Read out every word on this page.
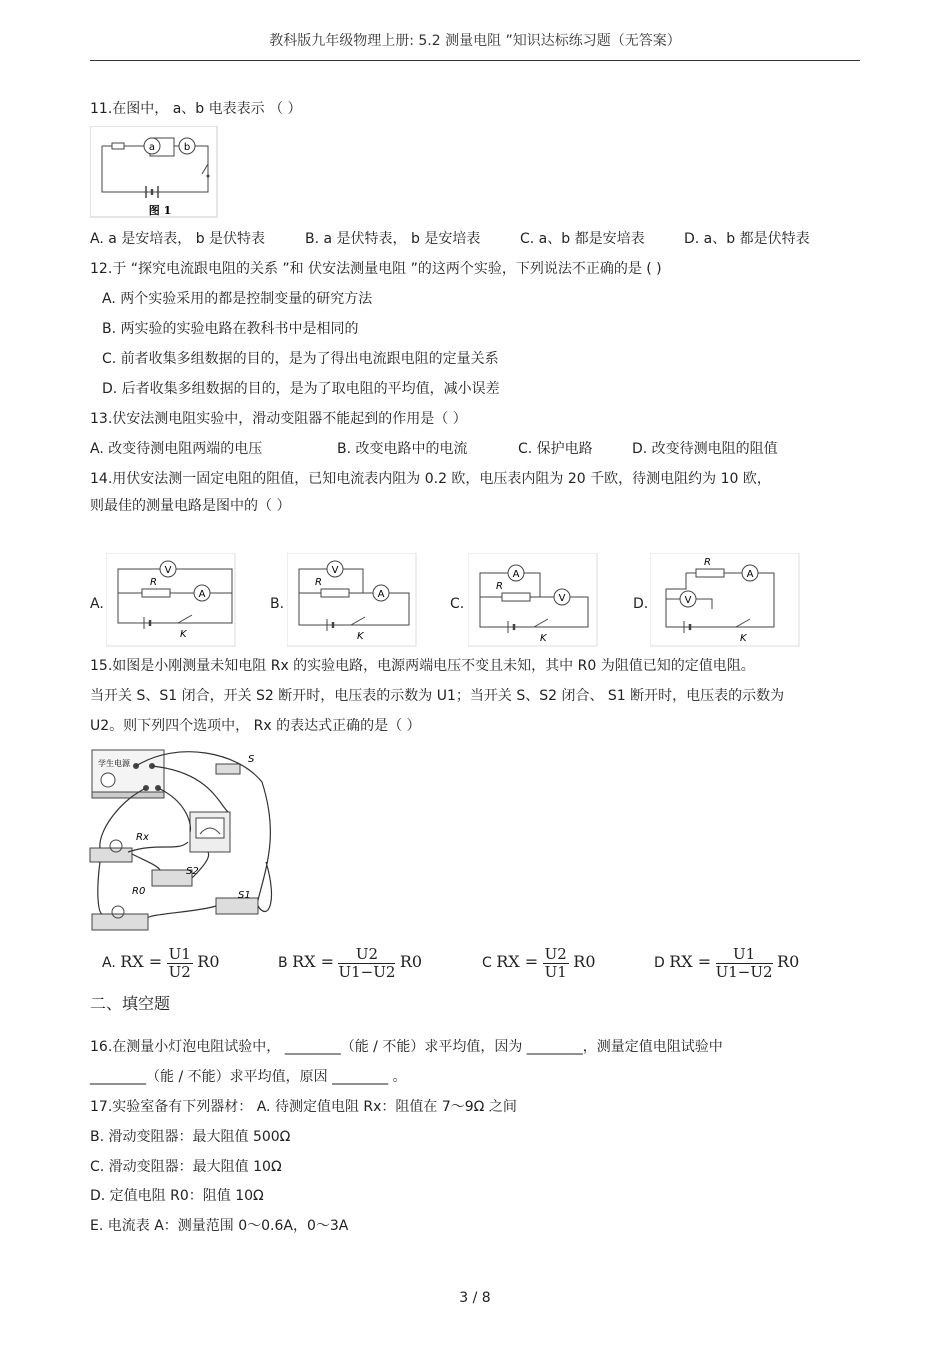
教科版九年级物理上册: 5.2 测量电阻 ”知识达标练习题（无答案）
11.在图中， a、b 电表表示 （ ）
a	b
图 1
A. a 是安培表， b 是伏特表	B. a 是伏特表， b 是安培表	C. a、b 都是安培表	D. a、b 都是伏特表
12.于 “探究电流跟电阻的关系 ”和 伏安法测量电阻 ”的这两个实验，下列说法不正确的是 ( )
A. 两个实验采用的都是控制变量的研究方法
B. 两实验的实验电路在教科书中是相同的
C. 前者收集多组数据的目的，是为了得出电流跟电阻的定量关系
D. 后者收集多组数据的目的，是为了取电阻的平均值，减小误差
13.伏安法测电阻实验中，滑动变阻器不能起到的作用是（ ）
A. 改变待测电阻两端的电压	B. 改变电路中的电流	C. 保护电路	D. 改变待测电阻的阻值
14.用伏安法测一固定电阻的阻值，已知电流表内阻为 0.2 欧，电压表内阻为 20 千欧，待测电阻约为 10 欧，
则最佳的测量电路是图中的（ ）
A.
V
R
A
K
B.
V
R
A
K
C.
A
R
V
K
D.
R
A
V
K
15.如图是小刚测量未知电阻 Rx 的实验电路，电源两端电压不变且未知，其中 R0 为阻值已知的定值电阻。
当开关 S、S1 闭合，开关 S2 断开时，电压表的示数为 U1；当开关 S、S2 闭合、 S1 断开时，电压表的示数为
U2。则下列四个选项中， Rx 的表达式正确的是（ ）
学生电源	S
Rx
S2
S1
R0
A. RX = $\frac{U1}{U2} R0$	B RX = $\frac{U2}{U1-U2} R0$	C RX = $\frac{U2}{U1} R0$	D RX = $\frac{U1}{U1-U2} R0$
二、填空题
16.在测量小灯泡电阻试验中， ________（能 / 不能）求平均值，因为 ________，测量定值电阻试验中
________（能 / 不能）求平均值，原因 ________ 。
17.实验室备有下列器材： A. 待测定值电阻 Rx：阻值在 7～9Ω 之间
B. 滑动变阻器：最大阻值 500Ω
C. 滑动变阻器：最大阻值 10Ω
D. 定值电阻 R0：阻值 10Ω
E. 电流表 A：测量范围 0～0.6A，0～3A
3 / 8
